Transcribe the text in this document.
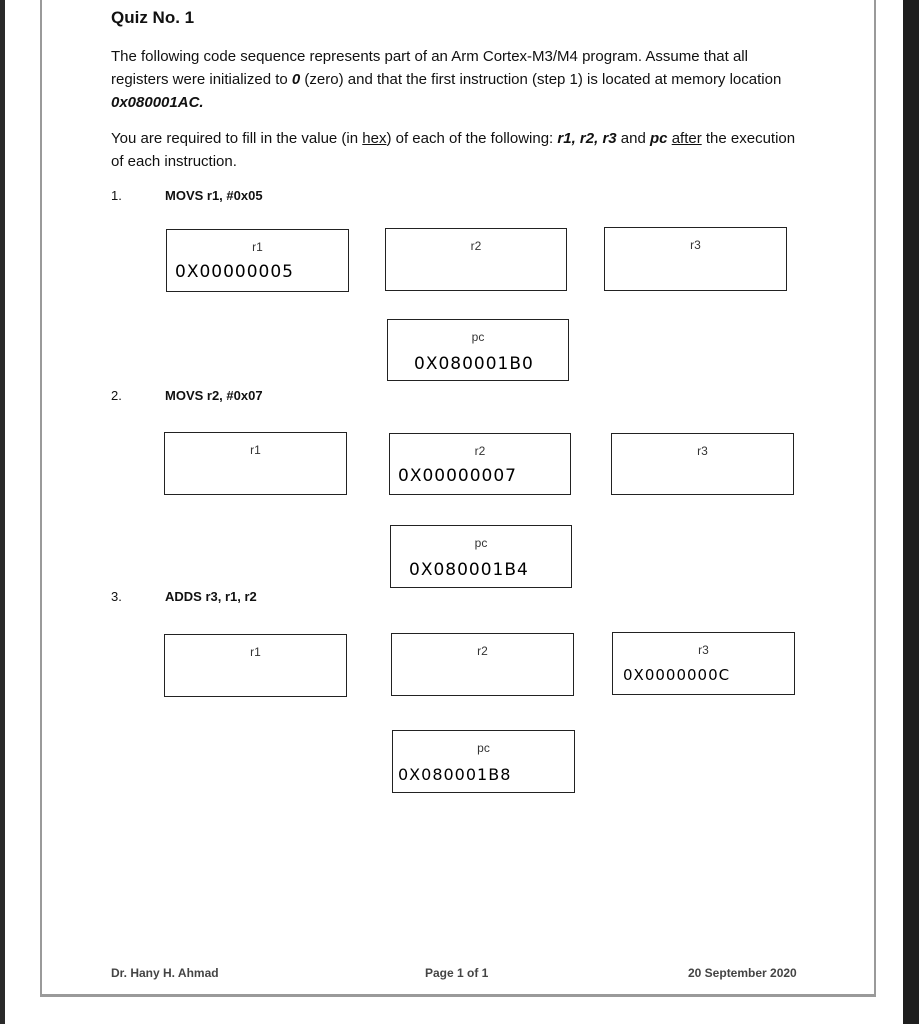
Quiz No. 1
The following code sequence represents part of an Arm Cortex-M3/M4 program. Assume that all registers were initialized to 0 (zero) and that the first instruction (step 1) is located at memory location 0x080001AC.
You are required to fill in the value (in hex) of each of the following: r1, r2, r3 and pc after the execution of each instruction.
1.	MOVS r1, #0x05
r1
0X00000005
r2	r3
pc
0X080001B0
2.	MOVS r2, #0x07
r1	r2
0X00000007
r3
pc
0X080001B4
3.	ADDS r3, r1, r2
r1	r2	r3
0X0000000C
pc
0X080001B8
Dr. Hany H. Ahmad	Page 1 of 1	20 September 2020
